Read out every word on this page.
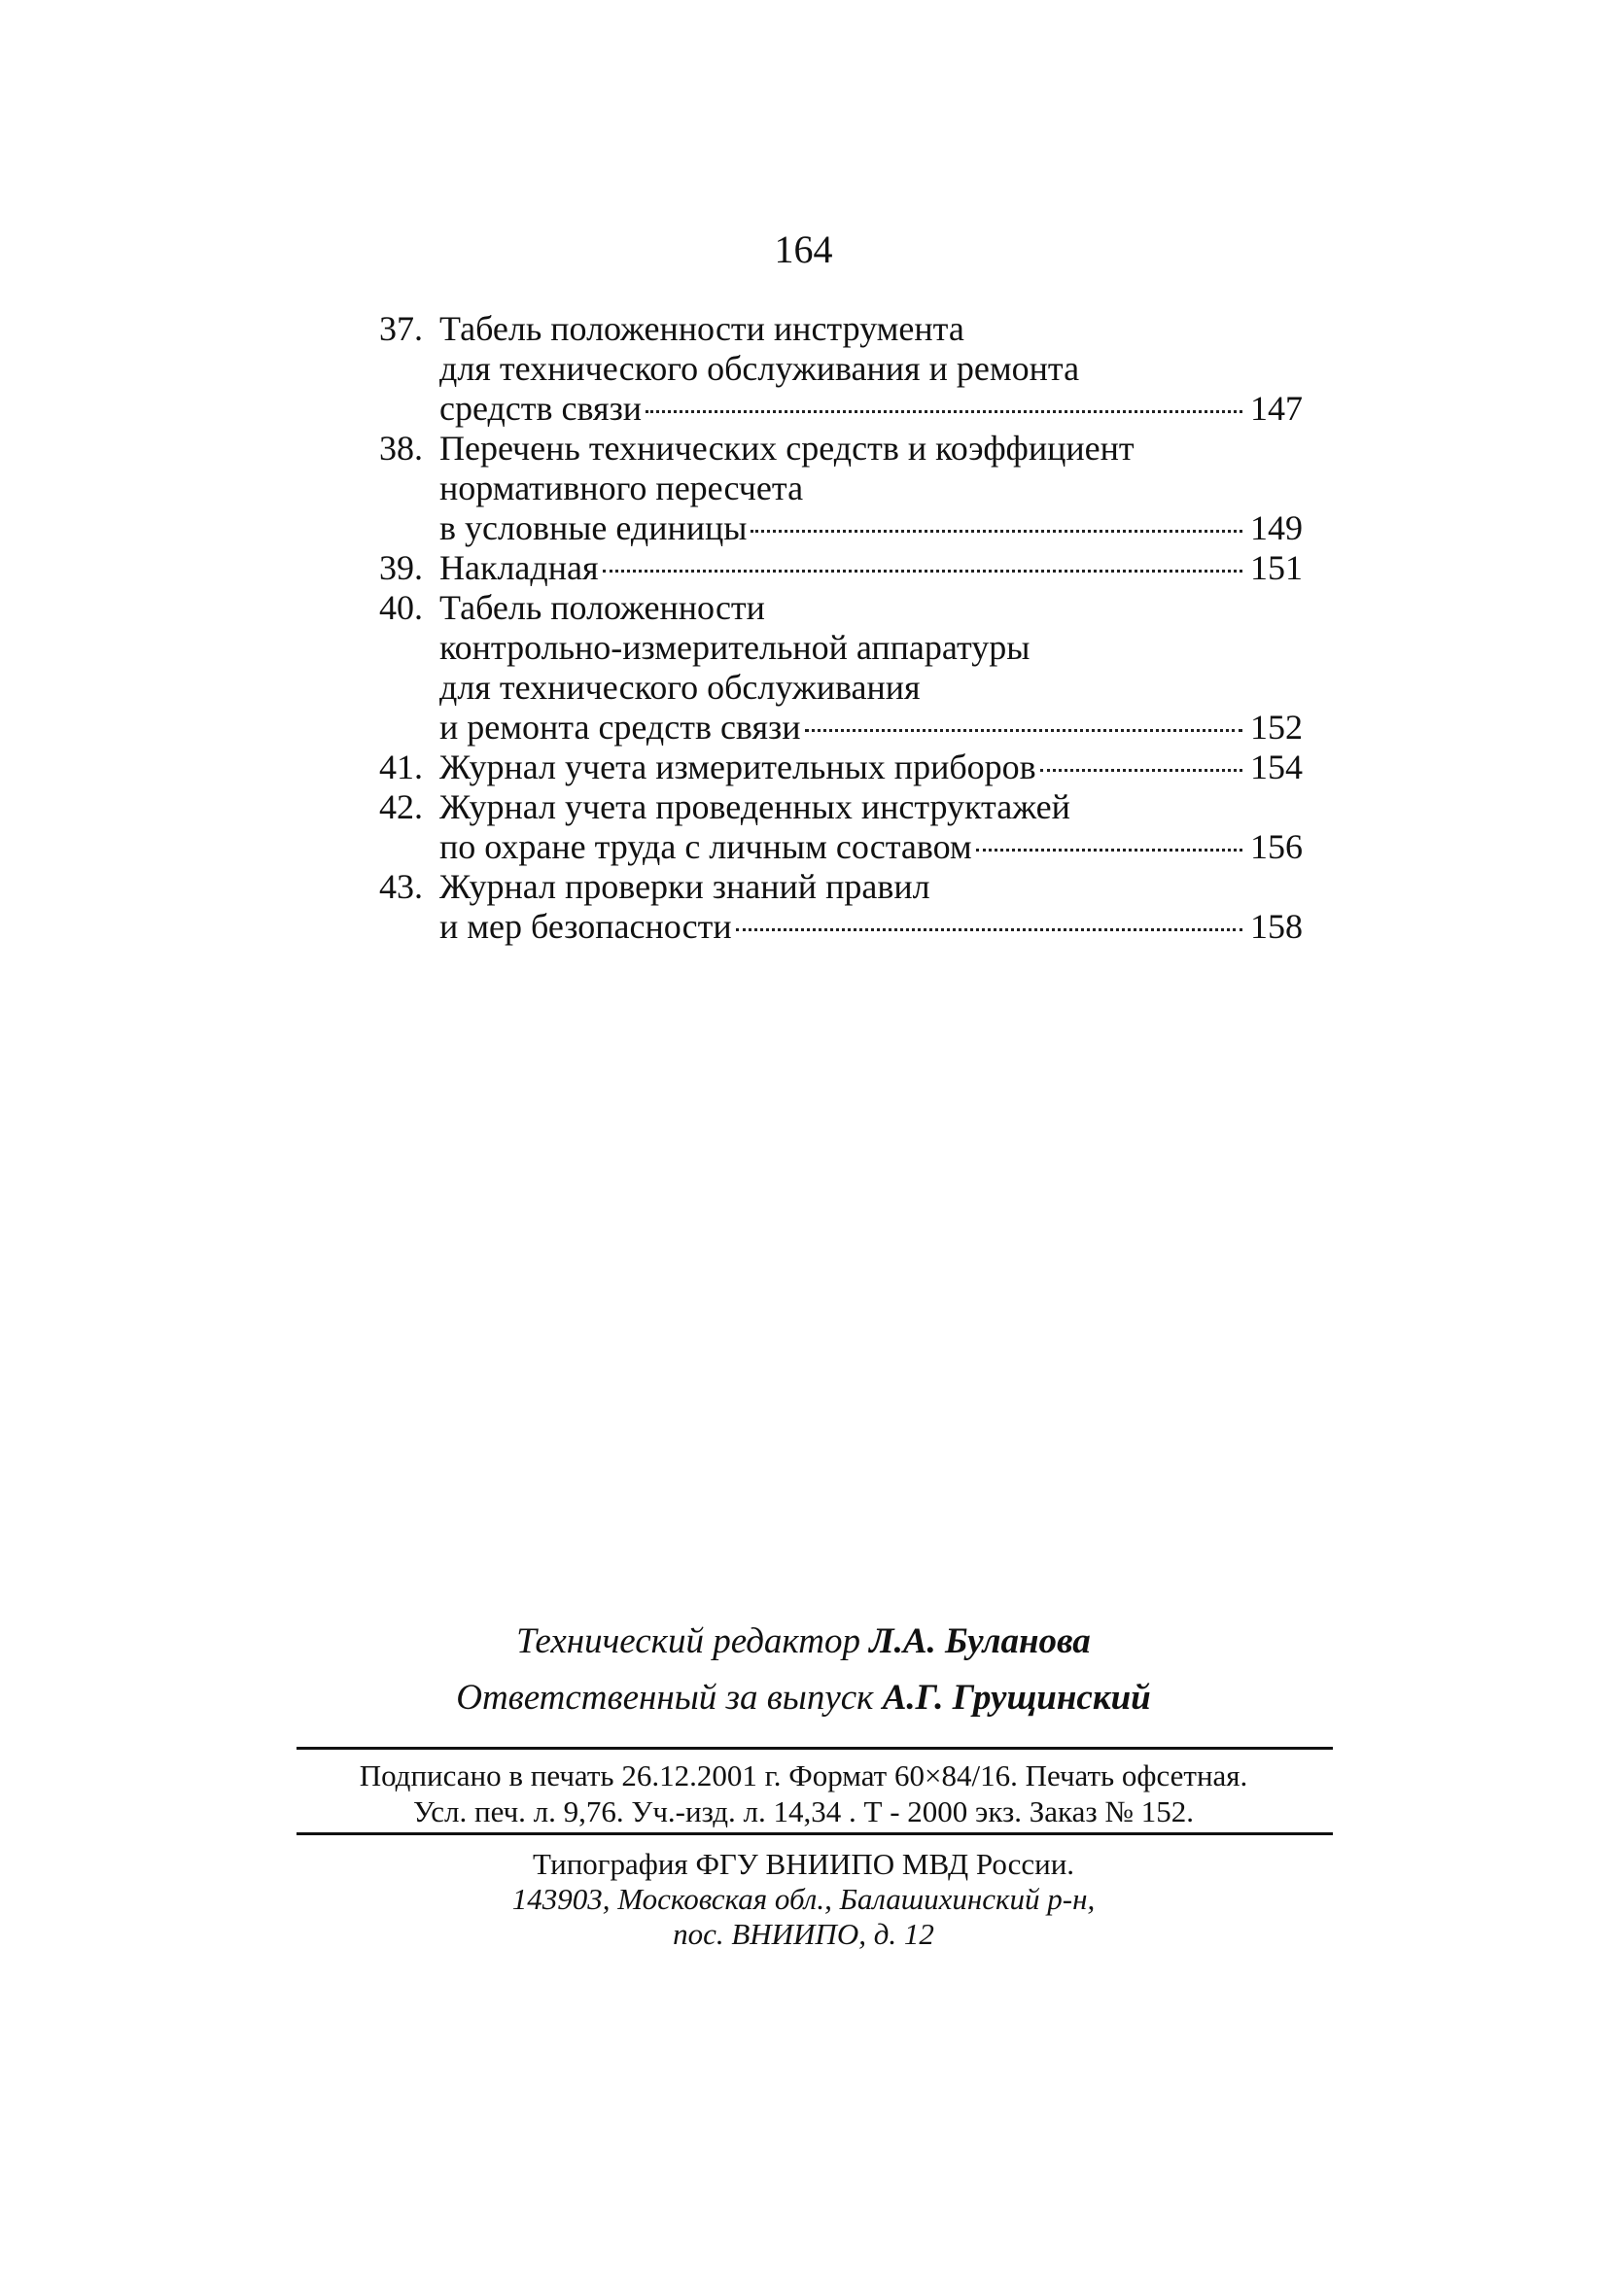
164
37. Табель положенности инструмента
для технического обслуживания и ремонта
средств связи	147
38. Перечень технических средств и коэффициент
нормативного пересчета
в условные единицы	149
39. Накладная	151
40. Табель положенности
контрольно-измерительной аппаратуры
для технического обслуживания
и ремонта средств связи	152
41. Журнал учета измерительных приборов	154
42. Журнал учета проведенных инструктажей
по охране труда с личным составом	156
43. Журнал проверки знаний правил
и мер безопасности	158
Технический редактор Л.А. Буланова
Ответственный за выпуск А.Г. Грущинский
Подписано в печать 26.12.2001 г. Формат 60×84/16. Печать офсетная.
Усл. печ. л. 9,76. Уч.-изд. л. 14,34 . Т - 2000 экз. Заказ № 152.
Типография ФГУ ВНИИПО МВД России.
143903, Московская обл., Балашихинский р-н,
пос. ВНИИПО, д. 12
